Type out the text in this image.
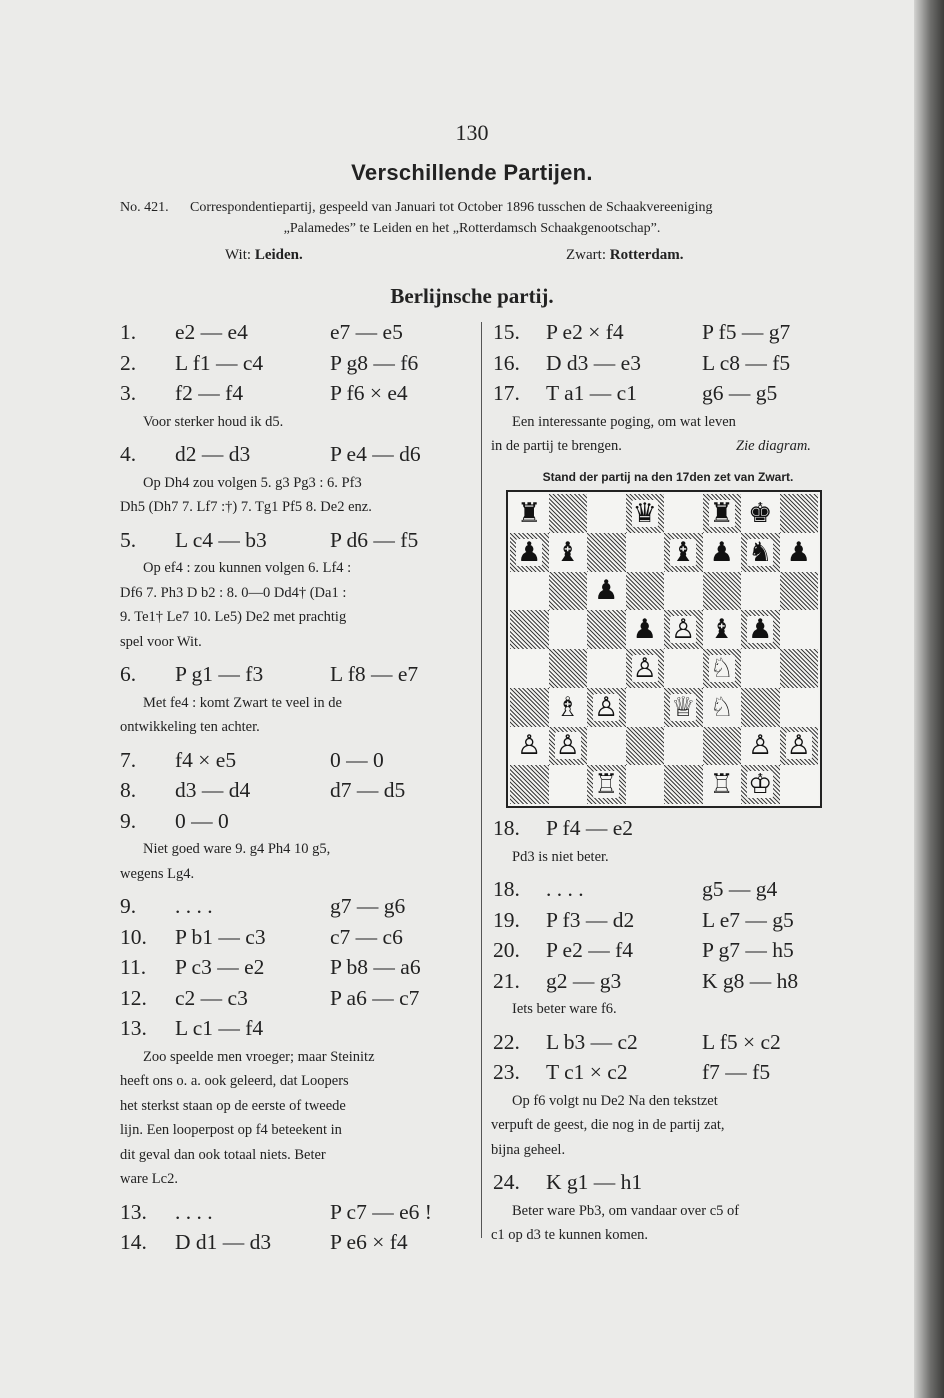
130
Verschillende Partijen.
No. 421. Correspondentiepartij, gespeeld van Januari tot October 1896 tusschen de Schaakvereeniging
„Palamedes” te Leiden en het „Rotterdamsch Schaakgenootschap”.
Wit: Leiden.	Zwart: Rotterdam.
Berlijnsche partij.
1. e2 — e4	e7 — e5
2. L f1 — c4	P g8 — f6
3. f2 — f4	P f6 × e4
Voor sterker houd ik d5.
4. d2 — d3	P e4 — d6
Op Dh4 zou volgen 5. g3 Pg3 : 6. Pf3
Dh5 (Dh7 7. Lf7 :†) 7. Tg1 Pf5 8. De2 enz.
5. L c4 — b3	P d6 — f5
Op ef4 : zou kunnen volgen 6. Lf4 :
Df6 7. Ph3 D b2 : 8. 0—0 Dd4† (Da1 :
9. Te1† Le7 10. Le5) De2 met prachtig
spel voor Wit.
6. P g1 — f3	L f8 — e7
Met fe4 : komt Zwart te veel in de
ontwikkeling ten achter.
7. f4 × e5	0 — 0
8. d3 — d4	d7 — d5
9. 0 — 0
Niet goed ware 9. g4 Ph4 10 g5,
wegens Lg4.
9. . . . .	g7 — g6
10. P b1 — c3	c7 — c6
11. P c3 — e2	P b8 — a6
12. c2 — c3	P a6 — c7
13. L c1 — f4
Zoo speelde men vroeger; maar Steinitz
heeft ons o. a. ook geleerd, dat Loopers
het sterkst staan op de eerste of tweede
lijn. Een looperpost op f4 beteekent in
dit geval dan ook totaal niets. Beter
ware Lc2.
13. . . . .	P c7 — e6 !
14. D d1 — d3	P e6 × f4
15. P e2 × f4	P f5 — g7
16. D d3 — e3	L c8 — f5
17. T a1 — c1	g6 — g5
Een interessante poging, om wat leven
in de partij te brengen.	Zie diagram.
18. P f4 — e2
Pd3 is niet beter.
18. . . . .	g5 — g4
19. P f3 — d2	L e7 — g5
20. P e2 — f4	P g7 — h5
21. g2 — g3	K g8 — h8
Iets beter ware f6.
22. L b3 — c2	L f5 × c2
23. T c1 × c2	f7 — f5
Op f6 volgt nu De2 Na den tekstzet
verpuft de geest, die nog in de partij zat,
bijna geheel.
24. K g1 — h1
Beter ware Pb3, om vandaar over c5 of
c1 op d3 te kunnen komen.
Stand der partij na den 17den zet van Zwart.
♜	♛ ♜ ♚
♟ ♝	♝ ♟ ♞ ♟
♟
♟ ♙ ♝ ♟
♙ ♘
♗ ♙ ♕ ♘
♙ ♙	♙ ♙
♖	♖ ♔
